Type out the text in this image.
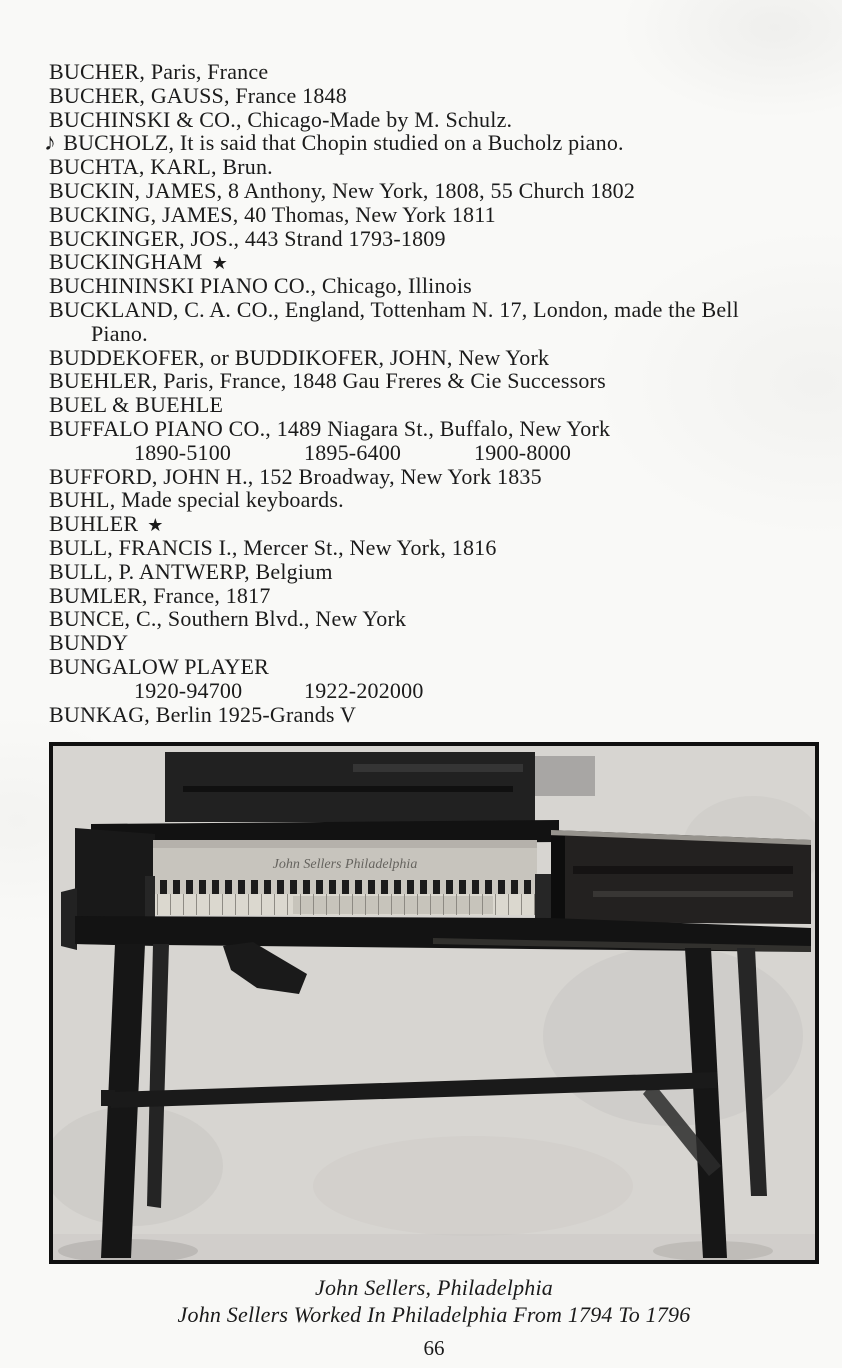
BUCHER, Paris, France
BUCHER, GAUSS, France 1848
BUCHINSKI & CO., Chicago-Made by M. Schulz.
♪ BUCHOLZ, It is said that Chopin studied on a Bucholz piano.
BUCHTA, KARL, Brun.
BUCKIN, JAMES, 8 Anthony, New York, 1808, 55 Church 1802
BUCKING, JAMES, 40 Thomas, New York 1811
BUCKINGER, JOS., 443 Strand 1793-1809
BUCKINGHAM ★
BUCHININSKI PIANO CO., Chicago, Illinois
BUCKLAND, C. A. CO., England, Tottenham N. 17, London, made the Bell
Piano.
BUDDEKOFER, or BUDDIKOFER, JOHN, New York
BUEHLER, Paris, France, 1848 Gau Freres & Cie Successors
BUEL & BUEHLE
BUFFALO PIANO CO., 1489 Niagara St., Buffalo, New York
1890-5100	1895-6400	1900-8000
BUFFORD, JOHN H., 152 Broadway, New York 1835
BUHL, Made special keyboards.
BUHLER ★
BULL, FRANCIS I., Mercer St., New York, 1816
BULL, P. ANTWERP, Belgium
BUMLER, France, 1817
BUNCE, C., Southern Blvd., New York
BUNDY
BUNGALOW PLAYER
1920-94700	1922-202000
BUNKAG, Berlin 1925-Grands V
John Sellers Philadelphia
John Sellers, Philadelphia
John Sellers Worked In Philadelphia From 1794 To 1796
66
